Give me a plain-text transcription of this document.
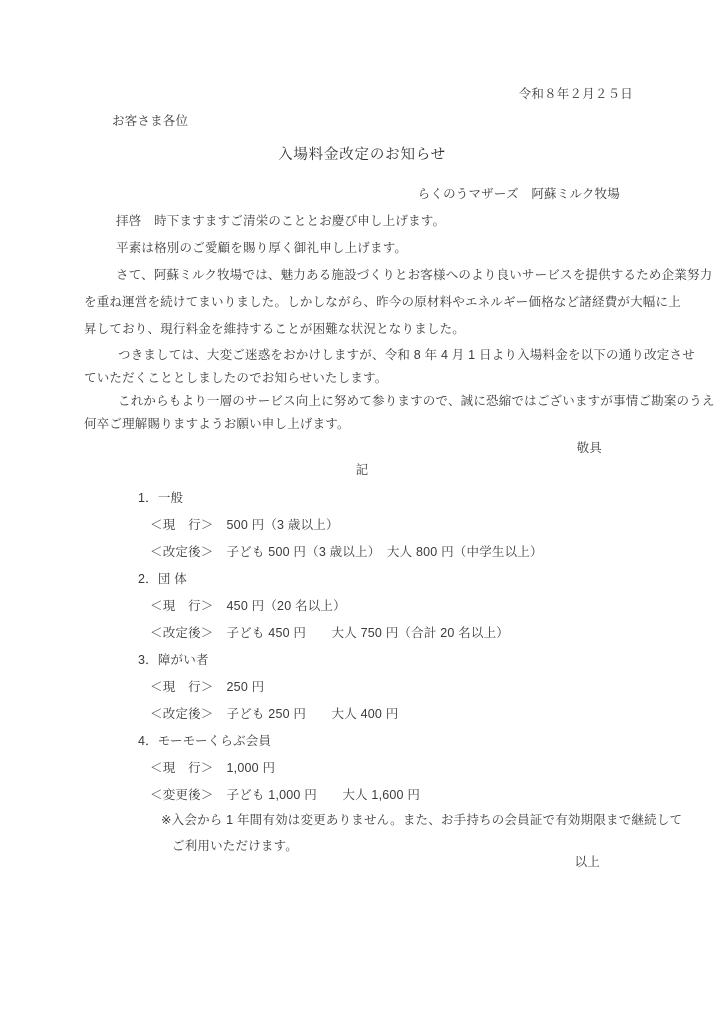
令和８年２月２５日
お客さま各位
入場料金改定のお知らせ
らくのうマザーズ　阿蘇ミルク牧場
拝啓　時下ますますご清栄のこととお慶び申し上げます。
平素は格別のご愛顧を賜り厚く御礼申し上げます。
さて、阿蘇ミルク牧場では、魅力ある施設づくりとお客様へのより良いサービスを提供するため企業努力
を重ね運営を続けてまいりました。しかしながら、昨今の原材料やエネルギー価格など諸経費が大幅に上
昇しており、現行料金を維持することが困難な状況となりました。
つきましては、大変ご迷惑をおかけしますが、令和 8 年 4 月 1 日より入場料金を以下の通り改定させ
ていただくこととしましたのでお知らせいたします。
これからもより一層のサービス向上に努めて参りますので、誠に恐縮ではございますが事情ご勘案のうえ
何卒ご理解賜りますようお願い申し上げます。
敬具
記
1．一般
＜現　行＞ 500 円（3 歳以上）
＜改定後＞ 子ども 500 円（3 歳以上）　大人 800 円（中学生以上）
2．団 体
＜現　行＞ 450 円（20 名以上）
＜改定後＞ 子ども 450 円　　大人 750 円（合計 20 名以上）
3．障がい者
＜現　行＞ 250 円
＜改定後＞ 子ども 250 円　　大人 400 円
4．モーモーくらぶ会員
＜現　行＞ 1,000 円
＜変更後＞ 子ども 1,000 円　　大人 1,600 円
※入会から 1 年間有効は変更ありません。また、お手持ちの会員証で有効期限まで継続して
ご利用いただけます。
以上
